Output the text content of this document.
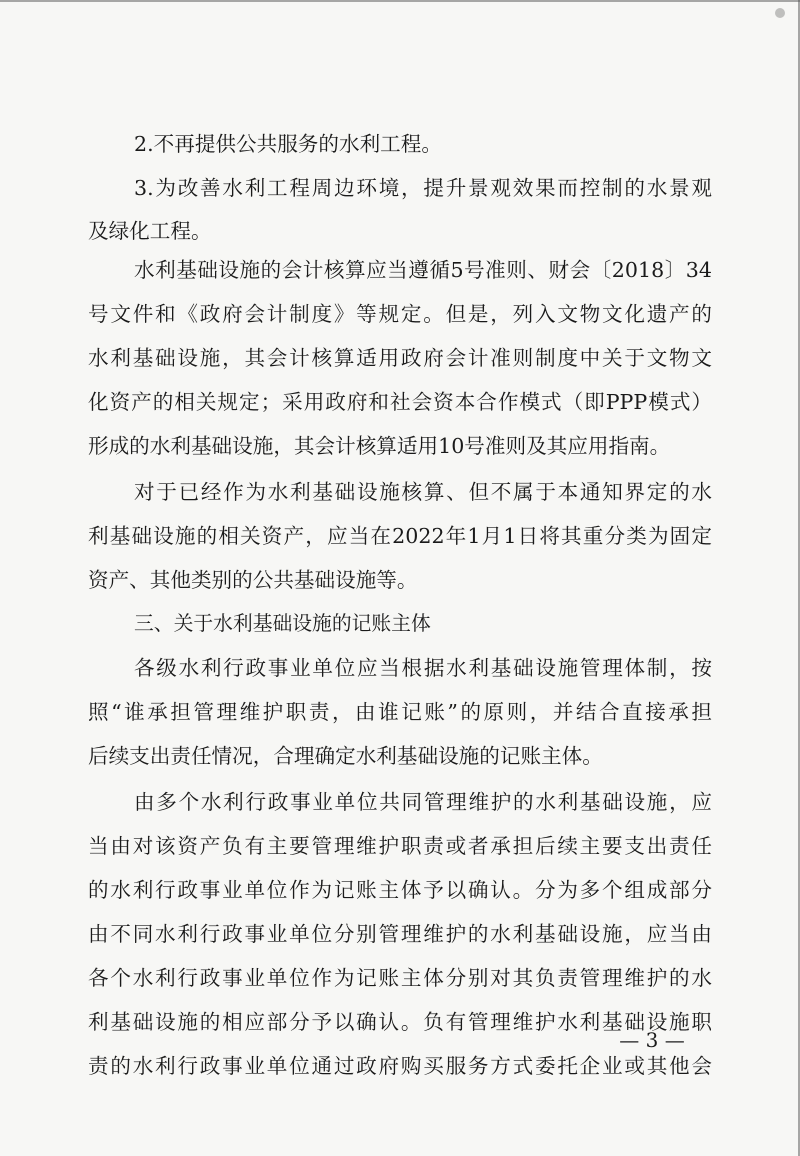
2.不再提供公共服务的水利工程。
3.为改善水利工程周边环境，提升景观效果而控制的水景观
及绿化工程。
水利基础设施的会计核算应当遵循5号准则、财会〔2018〕34
号文件和《政府会计制度》等规定。但是，列入文物文化遗产的
水利基础设施，其会计核算适用政府会计准则制度中关于文物文
化资产的相关规定；采用政府和社会资本合作模式（即PPP模式）
形成的水利基础设施，其会计核算适用10号准则及其应用指南。
对于已经作为水利基础设施核算、但不属于本通知界定的水
利基础设施的相关资产，应当在2022年1月1日将其重分类为固定
资产、其他类别的公共基础设施等。
三、关于水利基础设施的记账主体
各级水利行政事业单位应当根据水利基础设施管理体制，按
照“谁承担管理维护职责，由谁记账”的原则，并结合直接承担
后续支出责任情况，合理确定水利基础设施的记账主体。
由多个水利行政事业单位共同管理维护的水利基础设施，应
当由对该资产负有主要管理维护职责或者承担后续主要支出责任
的水利行政事业单位作为记账主体予以确认。分为多个组成部分
由不同水利行政事业单位分别管理维护的水利基础设施，应当由
各个水利行政事业单位作为记账主体分别对其负责管理维护的水
利基础设施的相应部分予以确认。负有管理维护水利基础设施职
责的水利行政事业单位通过政府购买服务方式委托企业或其他会
— 3 —
